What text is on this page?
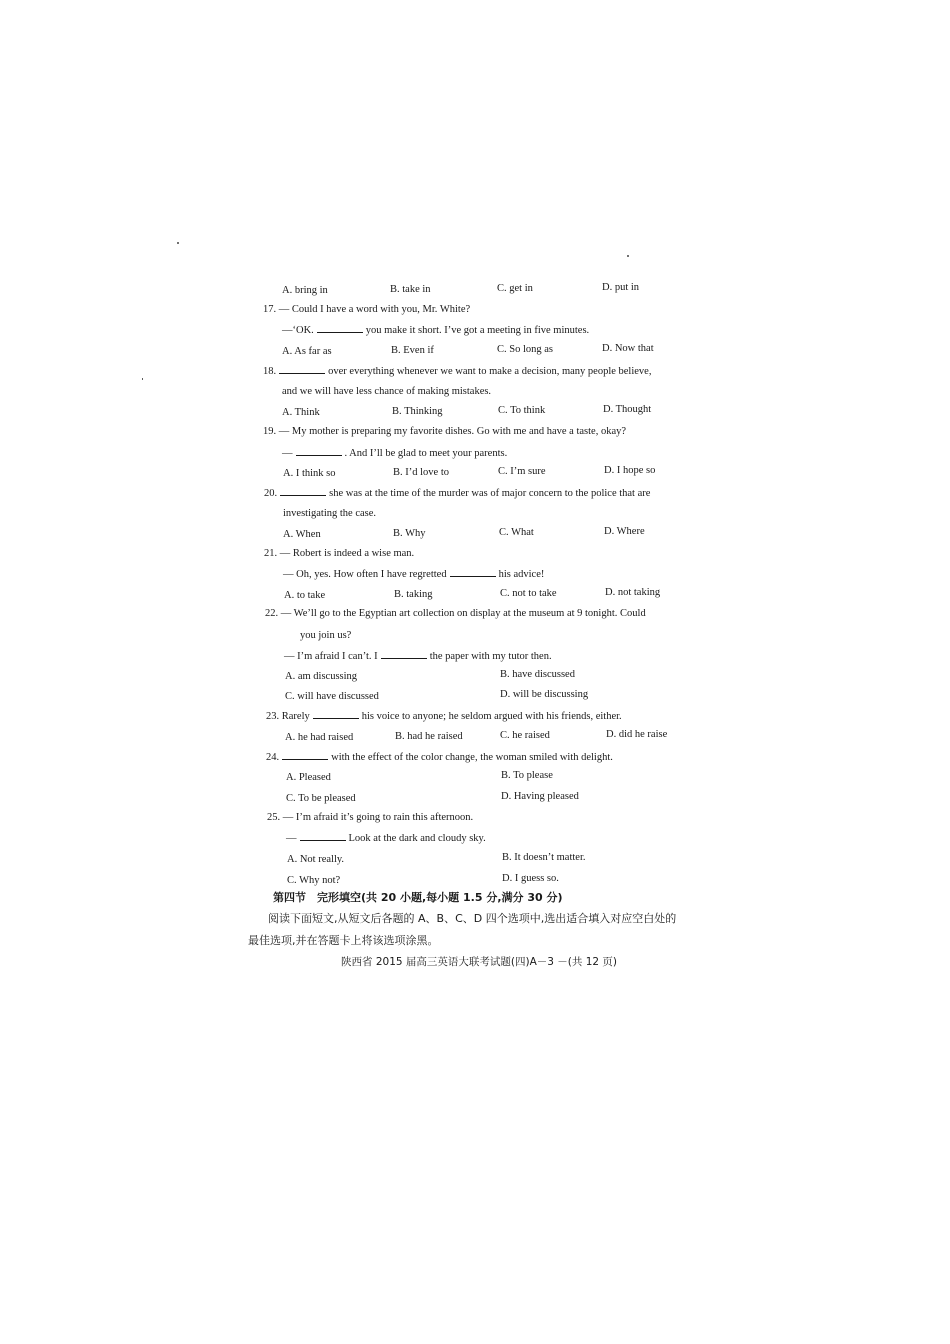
A. bring in	B. take in	C. get in	D. put in
17. — Could I have a word with you, Mr. White?
—‘OK.	you make it short. I’ve got a meeting in five minutes.
A. As far as	B. Even if	C. So long as	D. Now that
18.	over everything whenever we want to make a decision, many people believe,
and we will have less chance of making mistakes.
A. Think	B. Thinking	C. To think	D. Thought
19. — My mother is preparing my favorite dishes. Go with me and have a taste, okay?
—	. And I’ll be glad to meet your parents.
A. I think so	B. I’d love to	C. I’m sure	D. I hope so
20.	she was at the time of the murder was of major concern to the police that are
investigating the case.
A. When	B. Why	C. What	D. Where
21. — Robert is indeed a wise man.
— Oh, yes. How often I have regretted	his advice!
A. to take	B. taking	C. not to take	D. not taking
22. — We’ll go to the Egyptian art collection on display at the museum at 9 tonight. Could
you join us?
— I’m afraid I can’t. I	the paper with my tutor then.
A. am discussing	B. have discussed
C. will have discussed	D. will be discussing
23. Rarely	his voice to anyone; he seldom argued with his friends, either.
A. he had raised	B. had he raised	C. he raised	D. did he raise
24.	with the effect of the color change, the woman smiled with delight.
A. Pleased	B. To please
C. To be pleased	D. Having pleased
25. — I’m afraid it’s going to rain this afternoon.
—	Look at the dark and cloudy sky.
A. Not really.	B. It doesn’t matter.
C. Why not?	D. I guess so.
第四节　完形填空(共 20 小题,每小题 1.5 分,满分 30 分)
阅读下面短文,从短文后各题的 A、B、C、D 四个选项中,选出适合填入对应空白处的
最佳选项,并在答题卡上将该选项涂黑。
陕西省 2015 届高三英语大联考试题(四)A－3 －(共 12 页)
